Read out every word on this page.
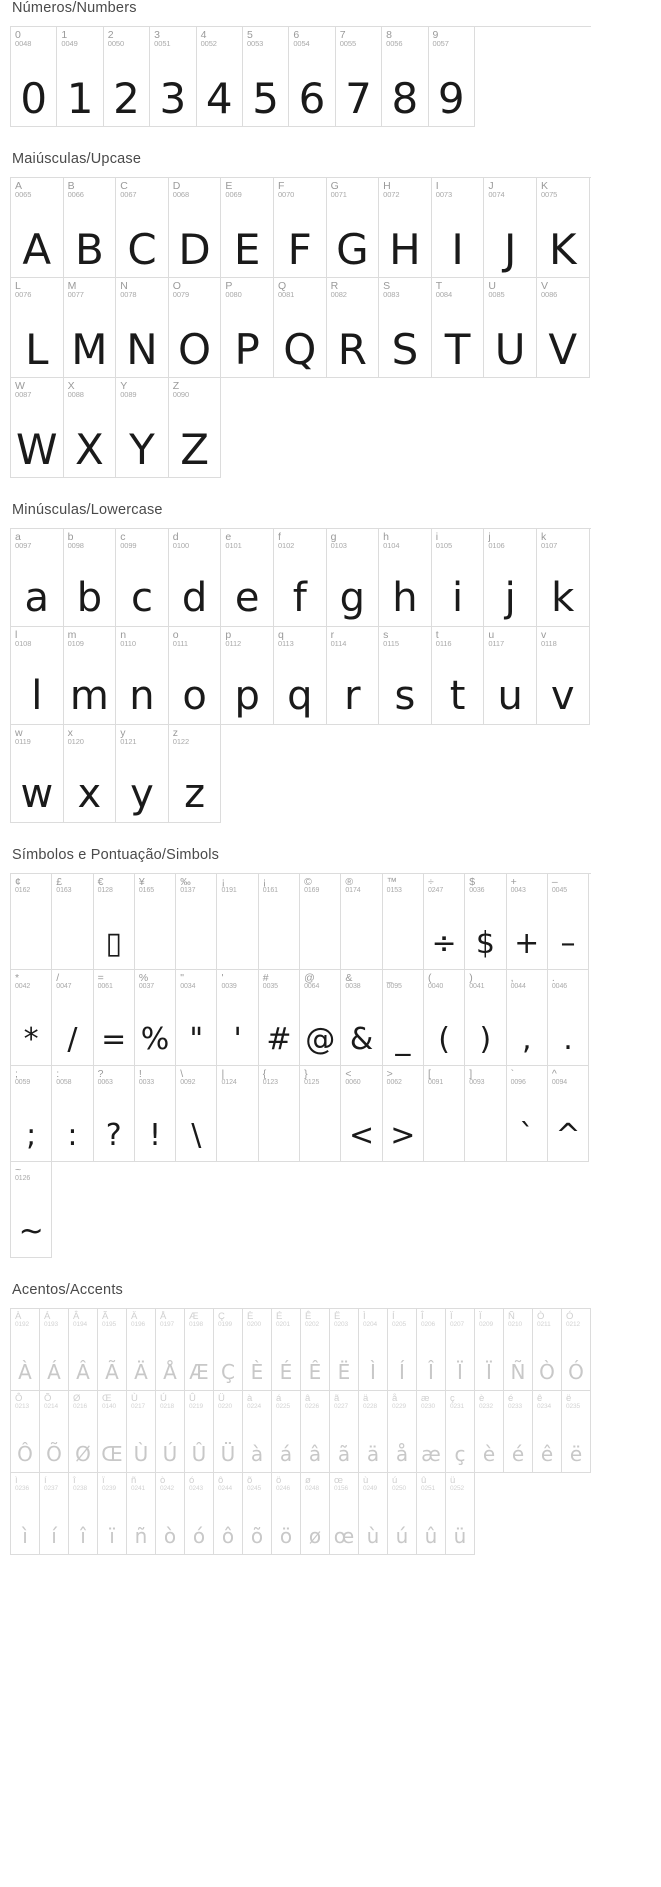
Números/Numbers
0
0048
0
1
0049
1
2
0050
2
3
0051
3
4
0052
4
5
0053
5
6
0054
6
7
0055
7
8
0056
8
9
0057
9
Maiúsculas/Upcase
A
0065
A
B
0066
B
C
0067
C
D
0068
D
E
0069
E
F
0070
F
G
0071
G
H
0072
H
I
0073
I
J
0074
J
K
0075
K
L
0076
L
M
0077
M
N
0078
N
O
0079
O
P
0080
P
Q
0081
Q
R
0082
R
S
0083
S
T
0084
T
U
0085
U
V
0086
V
W
0087
W
X
0088
X
Y
0089
Y
Z
0090
Z
Minúsculas/Lowercase
a
0097
a
b
0098
b
c
0099
c
d
0100
d
e
0101
e
f
0102
f
g
0103
g
h
0104
h
i
0105
i
j
0106
j
k
0107
k
l
0108
l
m
0109
m
n
0110
n
o
0111
o
p
0112
p
q
0113
q
r
0114
r
s
0115
s
t
0116
t
u
0117
u
v
0118
v
w
0119
w
x
0120
x
y
0121
y
z
0122
z
Símbolos e Pontuação/Simbols
¢
0162
£
0163
€
0128
▯
¥
0165
‰
0137
¡
0191
¡
0161
©
0169
®
0174
™
0153
÷
0247
÷
$
0036
$
+
0043
+
–
0045
–
*
0042
*
/
0047
/
=
0061
=
%
0037
%
"
0034
"
'
0039
'
#
0035
#
@
0064
@
&
0038
&
_
0095
_
(
0040
(
)
0041
)
,
0044
,
.
0046
.
;
0059
;
:
0058
:
?
0063
?
!
0033
!
\
0092
\
|
0124
{
0123
}
0125
<
0060
<
>
0062
>
[
0091
]
0093
`
0096
`
^
0094
^
~
0126
~
Acentos/Accents
À
0192
À
Á
0193
Á
Â
0194
Â
Ã
0195
Ã
Ä
0196
Ä
Å
0197
Å
Æ
0198
Æ
Ç
0199
Ç
È
0200
È
É
0201
É
Ê
0202
Ê
Ë
0203
Ë
Ì
0204
Ì
Í
0205
Í
Î
0206
Î
Ï
0207
Ï
Ï
0209
Ï
Ñ
0210
Ñ
Ò
0211
Ò
Ó
0212
Ó
Ô
0213
Ô
Õ
0214
Õ
Ø
0216
Ø
Œ
0140
Œ
Ù
0217
Ù
Ú
0218
Ú
Û
0219
Û
Ü
0220
Ü
à
0224
à
á
0225
á
â
0226
â
ã
0227
ã
ä
0228
ä
å
0229
å
æ
0230
æ
ç
0231
ç
è
0232
è
é
0233
é
ê
0234
ê
ë
0235
ë
ì
0236
ì
í
0237
í
î
0238
î
ï
0239
ï
ñ
0241
ñ
ò
0242
ò
ó
0243
ó
ô
0244
ô
õ
0245
õ
ö
0246
ö
ø
0248
ø
œ
0156
œ
ù
0249
ù
ú
0250
ú
û
0251
û
ü
0252
ü
